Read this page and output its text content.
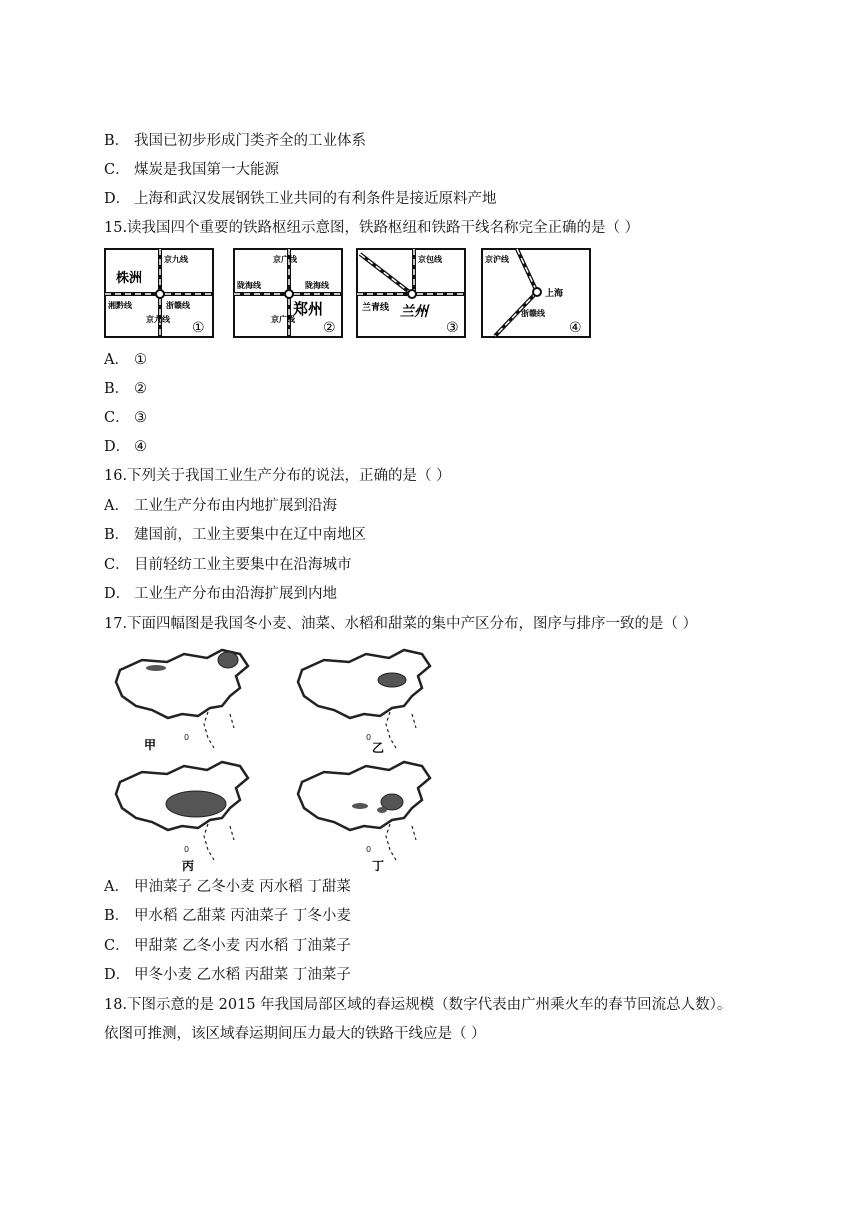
B． 我国已初步形成门类齐全的工业体系
C． 煤炭是我国第一大能源
D． 上海和武汉发展钢铁工业共同的有利条件是接近原料产地
15.读我国四个重要的铁路枢纽示意图，铁路枢纽和铁路干线名称完全正确的是（ ）
株洲
京九线
湘黔线	浙赣线
京九线
①
京广线
陇海线	陇海线
京广线
郑州
②
京包线
兰青线 兰州
③
京沪线
上海
浙赣线
④
A． ①
B． ②
C． ③
D． ④
16.下列关于我国工业生产分布的说法，正确的是（ ）
A． 工业生产分布由内地扩展到沿海
B． 建国前，工业主要集中在辽中南地区
C． 目前轻纺工业主要集中在沿海城市
D． 工业生产分布由沿海扩展到内地
17.下面四幅图是我国冬小麦、油菜、水稻和甜菜的集中产区分布，图序与排序一致的是（ ）
0
甲
0
乙
0
丙
0
丁
A． 甲油菜子 乙冬小麦 丙水稻 丁甜菜
B． 甲水稻 乙甜菜 丙油菜子 丁冬小麦
C． 甲甜菜 乙冬小麦 丙水稻 丁油菜子
D． 甲冬小麦 乙水稻 丙甜菜 丁油菜子
18.下图示意的是 2015 年我国局部区域的春运规模（数字代表由广州乘火车的春节回流总人数）。
依图可推测，该区域春运期间压力最大的铁路干线应是（ ）
